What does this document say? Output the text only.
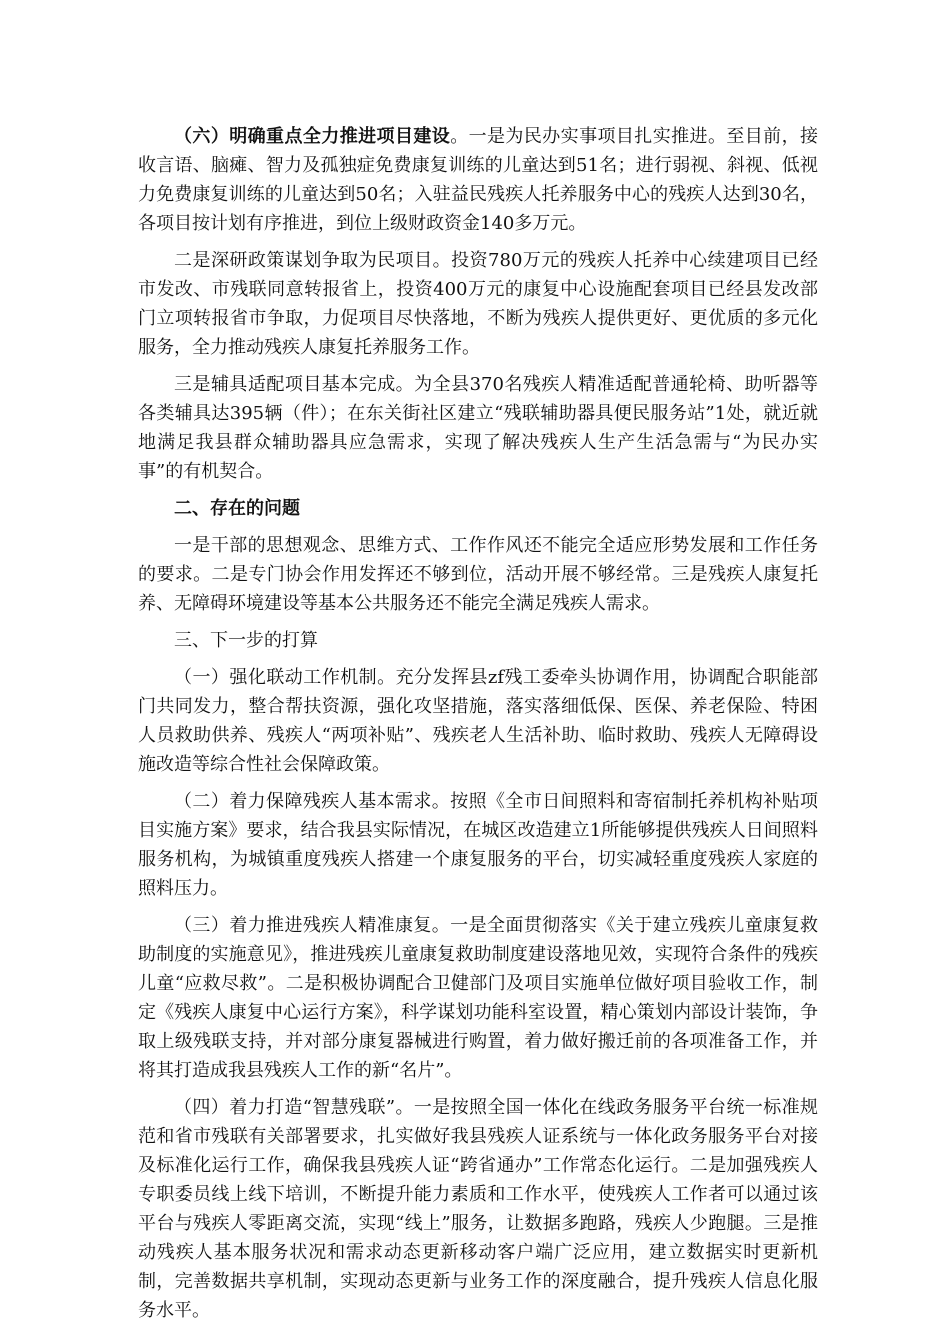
（六）明确重点全力推进项目建设。一是为民办实事项目扎实推进。至目前，接收言语、脑瘫、智力及孤独症免费康复训练的儿童达到51名；进行弱视、斜视、低视力免费康复训练的儿童达到50名；入驻益民残疾人托养服务中心的残疾人达到30名，各项目按计划有序推进，到位上级财政资金140多万元。

二是深研政策谋划争取为民项目。投资780万元的残疾人托养中心续建项目已经市发改、市残联同意转报省上，投资400万元的康复中心设施配套项目已经县发改部门立项转报省市争取，力促项目尽快落地，不断为残疾人提供更好、更优质的多元化服务，全力推动残疾人康复托养服务工作。

三是辅具适配项目基本完成。为全县370名残疾人精准适配普通轮椅、助听器等各类辅具达395辆（件）；在东关街社区建立“残联辅助器具便民服务站”1处，就近就地满足我县群众辅助器具应急需求，实现了解决残疾人生产生活急需与“为民办实事”的有机契合。

二、存在的问题

一是干部的思想观念、思维方式、工作作风还不能完全适应形势发展和工作任务的要求。二是专门协会作用发挥还不够到位，活动开展不够经常。三是残疾人康复托养、无障碍环境建设等基本公共服务还不能完全满足残疾人需求。

三、下一步的打算

（一）强化联动工作机制。充分发挥县zf残工委牵头协调作用，协调配合职能部门共同发力，整合帮扶资源，强化攻坚措施，落实落细低保、医保、养老保险、特困人员救助供养、残疾人“两项补贴”、残疾老人生活补助、临时救助、残疾人无障碍设施改造等综合性社会保障政策。

（二）着力保障残疾人基本需求。按照《全市日间照料和寄宿制托养机构补贴项目实施方案》要求，结合我县实际情况，在城区改造建立1所能够提供残疾人日间照料服务机构，为城镇重度残疾人搭建一个康复服务的平台，切实减轻重度残疾人家庭的照料压力。

（三）着力推进残疾人精准康复。一是全面贯彻落实《关于建立残疾儿童康复救助制度的实施意见》，推进残疾儿童康复救助制度建设落地见效，实现符合条件的残疾儿童“应救尽救”。二是积极协调配合卫健部门及项目实施单位做好项目验收工作，制定《残疾人康复中心运行方案》，科学谋划功能科室设置，精心策划内部设计装饰，争取上级残联支持，并对部分康复器械进行购置，着力做好搬迁前的各项准备工作，并将其打造成我县残疾人工作的新“名片”。

（四）着力打造“智慧残联”。一是按照全国一体化在线政务服务平台统一标准规范和省市残联有关部署要求，扎实做好我县残疾人证系统与一体化政务服务平台对接及标准化运行工作，确保我县残疾人证“跨省通办”工作常态化运行。二是加强残疾人专职委员线上线下培训，不断提升能力素质和工作水平，使残疾人工作者可以通过该平台与残疾人零距离交流，实现“线上”服务，让数据多跑路，残疾人少跑腿。三是推动残疾人基本服务状况和需求动态更新移动客户端广泛应用，建立数据实时更新机制，完善数据共享机制，实现动态更新与业务工作的深度融合，提升残疾人信息化服务水平。
